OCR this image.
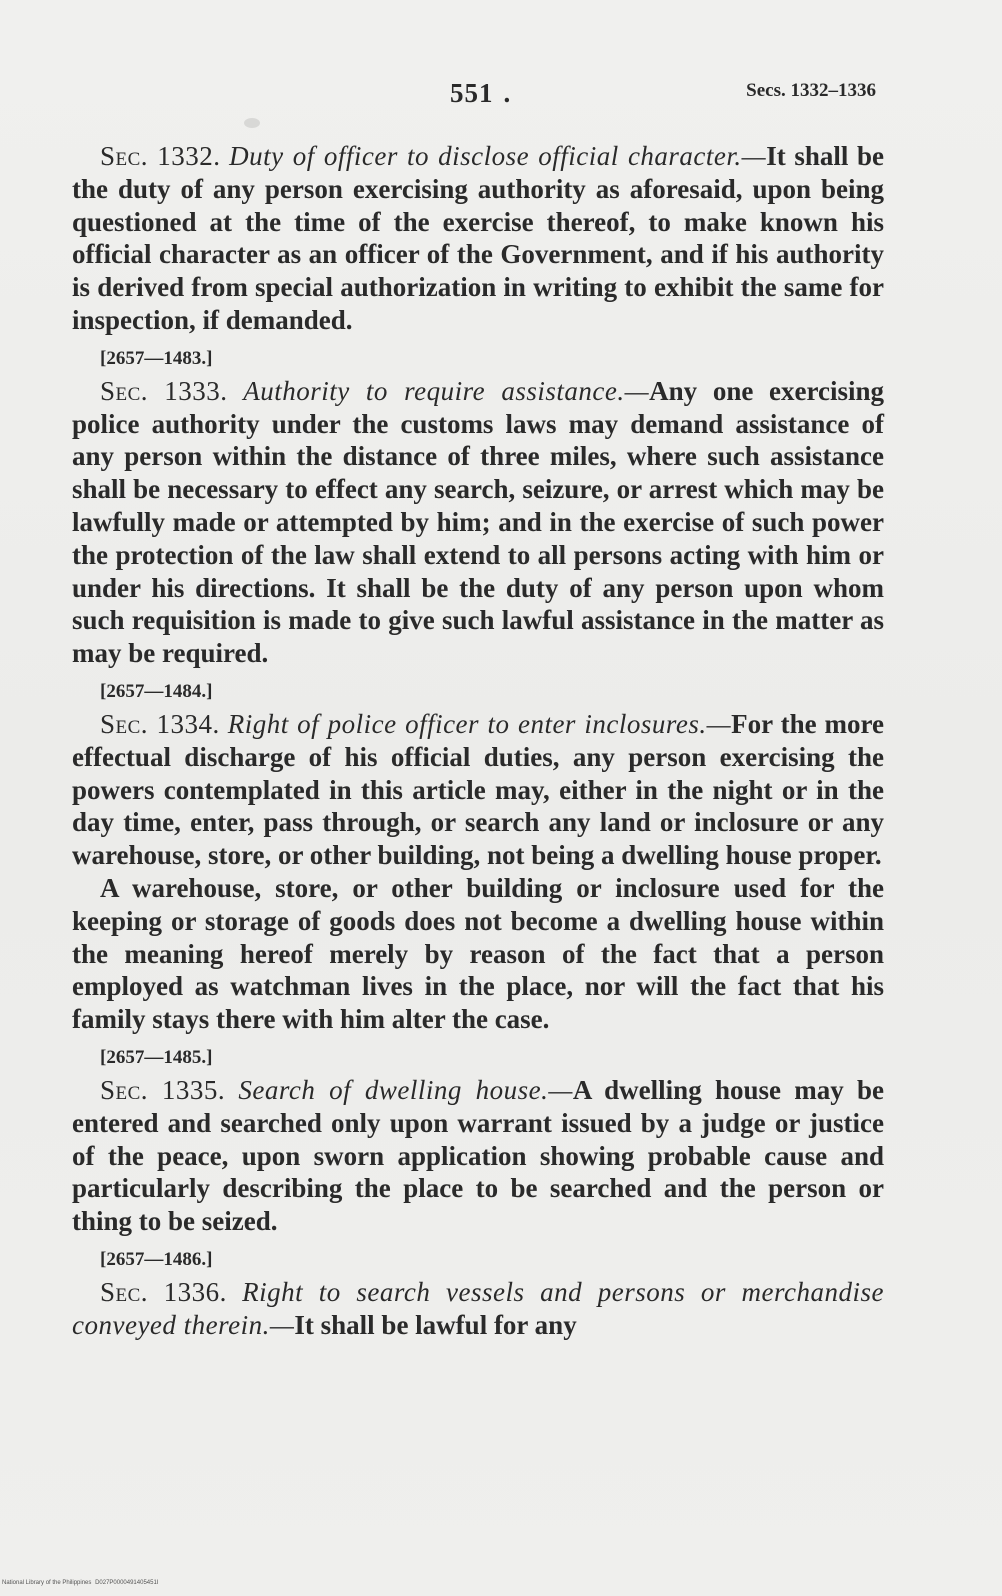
551 .	Secs. 1332–1336

Sec. 1332. Duty of officer to disclose official character.—It shall be the duty of any person exercising authority as aforesaid, upon being questioned at the time of the exercise thereof, to make known his official character as an officer of the Government, and if his authority is derived from special authorization in writing to exhibit the same for inspection, if demanded.

[2657—1483.]

Sec. 1333. Authority to require assistance.—Any one exercising police authority under the customs laws may demand assistance of any person within the distance of three miles, where such assistance shall be necessary to effect any search, seizure, or arrest which may be lawfully made or attempted by him; and in the exercise of such power the protection of the law shall extend to all persons acting with him or under his directions. It shall be the duty of any person upon whom such requisition is made to give such lawful assistance in the matter as may be required.

[2657—1484.]

Sec. 1334. Right of police officer to enter inclosures.—For the more effectual discharge of his official duties, any person exercising the powers contemplated in this article may, either in the night or in the day time, enter, pass through, or search any land or inclosure or any warehouse, store, or other building, not being a dwelling house proper.

A warehouse, store, or other building or inclosure used for the keeping or storage of goods does not become a dwelling house within the meaning hereof merely by reason of the fact that a person employed as watchman lives in the place, nor will the fact that his family stays there with him alter the case.

[2657—1485.]

Sec. 1335. Search of dwelling house.—A dwelling house may be entered and searched only upon warrant issued by a judge or justice of the peace, upon sworn application showing probable cause and particularly describing the place to be searched and the person or thing to be seized.

[2657—1486.]

Sec. 1336. Right to search vessels and persons or merchandise conveyed therein.—It shall be lawful for any

National Library of the Philippines D027P0000491405451I
